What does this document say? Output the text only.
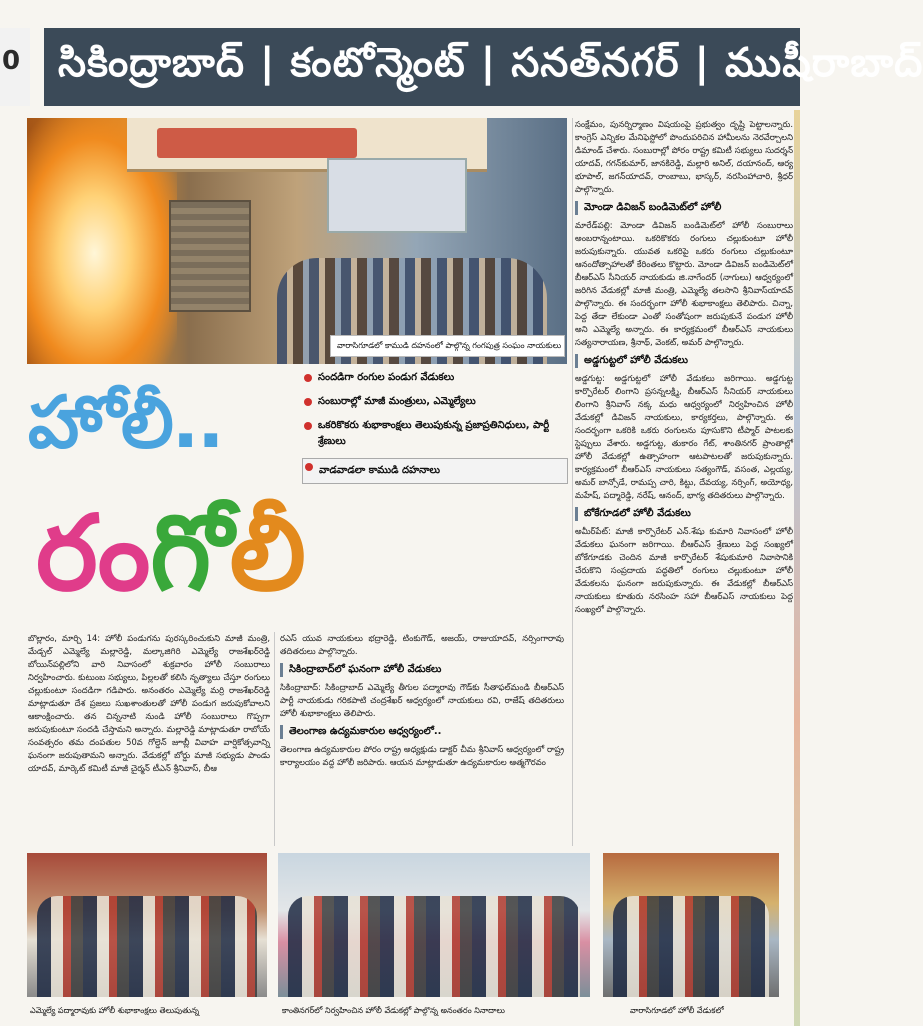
0 సికింద్రాబాద్ | కంటోన్మెంట్ | సనత్‌నగర్ | ముషీరాబాద్
వారాసిగూడలో కాముడి దహనంలో పాల్గొన్న గంగపుత్ర సంఘం నాయకులు
హోలీ..
రంగోలీ
సందడిగా రంగుల పండుగ వేడుకలు
సంబురాల్లో మాజీ మంత్రులు, ఎమ్మెల్యేలు
ఒకరికొకరు శుభాకాంక్షలు తెలుపుకున్న ప్రజాప్రతినిధులు, పార్టీ శ్రేణులు
వాడవాడలా కాముడి దహనాలు

సంక్షేమం, పునర్నిర్మాణం విషయంపై ప్రభుత్వం దృష్టి పెట్టాలన్నారు. కాంగ్రెస్ ఎన్నికల మేనిఫెస్టోలో పొందుపరిచిన హామీలను నెరవేర్చాలని డిమాండ్ చేశారు. సంబురాల్లో పోరం రాష్ట్ర కమిటీ సభ్యులు సుదర్శన్ యాదవ్, గగన్‌కుమార్, జానకిరెడ్డి, మల్లారి అనిల్, దయానంద్, ఆర్య భూపాల్, జగన్‌యాదవ్, రాంబాబు, భాస్కర్, నరసింహాచారి, శ్రీధర్ పాల్గొన్నారు.

మోండా డివిజన్ బండిమెట్‌లో హోలీ

మారేడ్‌పల్లి: మోండా డివిజన్ బండిమెట్‌లో హోలీ సంబురాలు అంబరాన్నంటాయి. ఒకరికొకరు రంగులు చల్లుకుంటూ హోలీ జరుపుకున్నారు. యువత ఒకరిపై ఒకరు రంగులు చల్లుకుంటూ ఆనందోత్సాహాలతో కేరింతలు కొట్టారు. మోండా డివిజన్ బండిమెట్‌లో బీఆర్‌ఎస్ సీనియర్ నాయకుడు జి.నాగేందర్ (నాగులు) ఆధ్వర్యంలో జరిగిన వేడుకల్లో మాజీ మంత్రి, ఎమ్మెల్యే తలసాని శ్రీనివాస్‌యాదవ్ పాల్గొన్నారు. ఈ సందర్భంగా హోలీ శుభాకాంక్షలు తెలిపారు. చిన్నా, పెద్ద తేడా లేకుండా ఎంతో సంతోషంగా జరుపుకునే పండుగ హోలీ అని ఎమ్మెల్యే అన్నారు. ఈ కార్యక్రమంలో బీఆర్‌ఎస్ నాయకులు సత్యనారాయణ, శ్రీనాథ్, వెంకట్, అమర్ పాల్గొన్నారు.

అడ్డగుట్టలో హోలీ వేడుకలు

అడ్డగుట్ట: అడ్డగుట్టలో హోలీ వేడుకలు జరిగాయి. అడ్డగుట్ట కార్పొరేటర్ లింగాని ప్రసన్నలక్ష్మి, బీఆర్‌ఎస్ సీనియర్ నాయకులు లింగాని శ్రీనివాస్ నక్క మధు ఆధ్వర్యంలో నిర్వహించిన హోలీ వేడుకల్లో డివిజన్ నాయకులు, కార్యకర్తలు, పాల్గొన్నారు. ఈ సందర్భంగా ఒకరికి ఒకరు రంగులను పూసుకొని టీప్మార్ పాటలకు స్టెప్పులు వేశారు. అడ్డగుట్ట, తుకారం గేట్, శాంతినగర్ ప్రాంతాల్లో హోలీ వేడుకల్లో ఉత్సాహంగా ఆటపాటలతో జరుపుకున్నారు. కార్యక్రమంలో బీఆర్‌ఎస్ నాయకులు సత్యంగౌడ్, వసంత, ఎల్లయ్య, అమర్ బాన్సోడే, రామప్ప చారి, కిట్టు, దేవయ్య, నర్సింగ్, అయోధ్య, మహేష్, పద్మారెడ్డి, నరేష్, ఆనంద్, భాగ్య తదితరులు పాల్గొన్నారు.

బోకేగూడలో హోలీ వేడుకలు

అమీర్‌పేట్: మాజీ కార్పొరేటర్ ఎన్.శేషు కుమారి నివాసంలో హోలీ వేడుకలు ఘనంగా జరిగాయి. బీఆర్‌ఎస్ శ్రేణులు పెద్ద సంఖ్యలో బోకేగూడకు చెందిన మాజీ కార్పొరేటర్ శేషుకుమారి నివాసానికి చేరుకొని సంప్రదాయ పద్ధతిలో రంగులు చల్లుకుంటూ హోలీ వేడుకలను ఘనంగా జరుపుకున్నారు. ఈ వేడుకల్లో బీఆర్‌ఎస్ నాయకులు కూతురు నరసింహ సహా బీఆర్‌ఎస్ నాయకులు పెద్ద సంఖ్యలో పాల్గొన్నారు.

బొల్లారం, మార్చి 14: హోలీ పండుగను పురస్కరించుకుని మాజీ మంత్రి, మేడ్చల్ ఎమ్మెల్యే మల్లారెడ్డి, మల్కాజిగిరి ఎమ్మెల్యే రాజశేఖర్‌రెడ్డి బోయిన్‌పల్లిలోని వారి నివాసంలో శుక్రవారం హోలీ సంబురాలు నిర్వహించారు. కుటుంబ సభ్యులు, పిల్లలతో కలిసి నృత్యాలు చేస్తూ రంగులు చల్లుకుంటూ సందడిగా గడిపారు. అనంతరం ఎమ్మెల్యే మర్రి రాజశేఖర్‌రెడ్డి మాట్లాడుతూ దేశ ప్రజలు సుఖశాంతులతో హోలీ పండుగ జరుపుకోవాలని ఆకాంక్షించారు. తన చిన్ననాటి నుండి హోలీ సంబురాలు గొప్పగా జరుపుకుంటూ సందడి చేస్తామని అన్నారు. మల్లారెడ్డి మాట్లాడుతూ రాబోయే సంవత్సరం తమ దంపతుల 50వ గోల్డెన్ జూబ్లీ వివాహ వార్షికోత్సవాన్ని ఘనంగా జరుపుతామని అన్నారు. వేడుకల్లో బోర్డు మాజీ సభ్యుడు పాండు యాదవ్, మార్కెట్ కమిటీ మాజీ చైర్మన్ టీఎన్ శ్రీనివాస్, బీఆ

రఎస్ యువ నాయకులు భద్రారెడ్డి, టింకుగౌడ్, అజయ్, రాజుయాదవ్, నర్సింగారావు తదితరులు పాల్గొన్నారు.

సికింద్రాబాద్‌లో ఘనంగా హోలీ వేడుకలు

సికింద్రాబాద్: సికింద్రాబాద్ ఎమ్మెల్యే తీగుల పద్మారావు గౌడ్‌కు సీతాఫల్‌మండి బీఆర్‌ఎస్ పార్టీ నాయకుడు గరికపాటి చంద్రశేఖర్ ఆధ్వర్యంలో నాయకులు రవి, రాజేష్ తదితరులు హోలీ శుభాకాంక్షలు తెలిపారు.

తెలంగాణ ఉద్యమకారుల ఆధ్వర్యంలో..

తెలంగాణ ఉద్యమకారుల పోరం రాష్ట్ర అధ్యక్షుడు డాక్టర్ చీమ శ్రీనివాస్ ఆధ్వర్యంలో రాష్ట్ర కార్యాలయం వద్ద హోలీ జరిపారు. ఆయన మాట్లాడుతూ ఉద్యమకారుల ఆత్మగౌరవం

ఎమ్మెల్యే పద్మారావుకు హోలీ శుభాకాంక్షలు తెలుపుతున్న	కాంతినగర్‌లో నిర్వహించిన హోలీ వేడుకల్లో పాల్గొన్న అనంతరం నినాదాలు	వారాసిగూడలో హోలీ వేడుకలో
